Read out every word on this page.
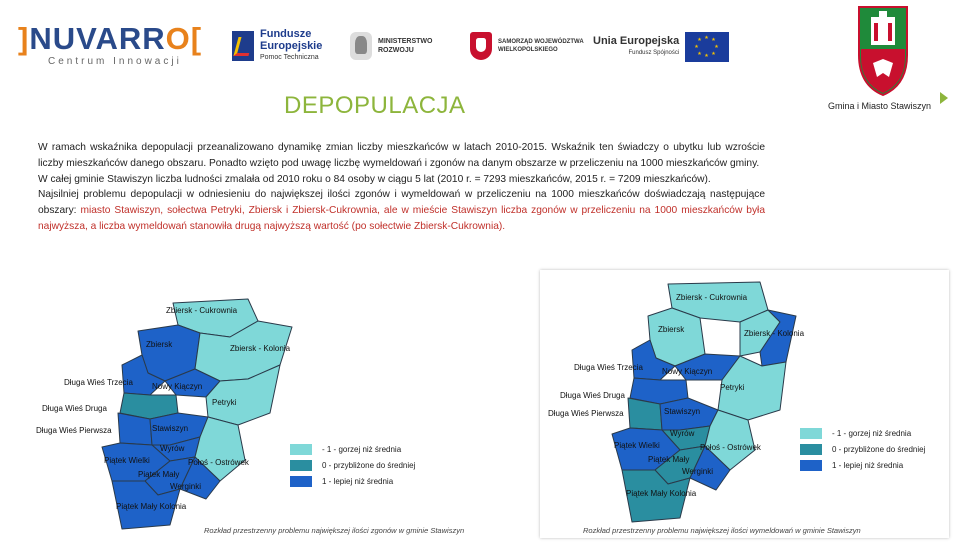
]NUVARRO[
Centrum Innowacji
Fundusze
Europejskie
Pomoc Techniczna
MINISTERSTWO
ROZWOJU
SAMORZĄD WOJEWÓDZTWA
WIELKOPOLSKIEGO
Unia Europejska
Fundusz Spójności
★ ★
★
★
★
★
★
★
Gmina i Miasto Stawiszyn
DEPOPULACJA
W ramach wskaźnika depopulacji przeanalizowano dynamikę zmian liczby mieszkańców w latach 2010-2015. Wskaźnik ten świadczy o ubytku lub wzroście liczby mieszkańców danego obszaru. Ponadto wzięto pod uwagę liczbę wymeldowań i zgonów na danym obszarze w przeliczeniu na 1000 mieszkańców gminy.
W całej gminie Stawiszyn liczba ludności zmalała od 2010 roku o 84 osoby w ciągu 5 lat (2010 r. = 7293 mieszkańców, 2015 r. = 7209 mieszkańców).
Najsilniej problemu depopulacji w odniesieniu do największej ilości zgonów i wymeldowań w przeliczeniu na 1000 mieszkańców doświadczają następujące obszary: miasto Stawiszyn, sołectwa Petryki, Zbiersk i Zbiersk-Cukrownia, ale w mieście Stawiszyn liczba zgonów w przeliczeniu na 1000 mieszkańców była najwyższa, a liczba wymeldowań stanowiła drugą najwyższą wartość (po sołectwie Zbiersk-Cukrownia).
Zbiersk - Cukrownia
Zbiersk	Zbiersk - Kolonia
Długa Wieś Trzecia Nowy Kiączyn
Petryki
Długa Wieś Druga
Długa Wieś Pierwsza	Stawiszyn
Wyrów
Połoś - Ostrówek
Piątek Wielki
Piątek Mały
Werginki
Piątek Mały Kolonia
- 1 - gorzej niż średnia
0 - przybliżone do średniej
1 - lepiej niż średnia
Rozkład przestrzenny problemu największej ilości zgonów w gminie Stawiszyn
Zbiersk - Cukrownia
Zbiersk	Zbiersk - Kolonia
Długa Wieś Trzecia Nowy Kiączyn
Petryki
Długa Wieś Druga
Długa Wieś Pierwsza	Stawiszyn
Wyrów
Połoś - Ostrówek
Piątek Wielki
Piątek Mały
Werginki
Piątek Mały Kolonia
- 1 - gorzej niż średnia
0 - przybliżone do średniej
1 - lepiej niż średnia
Rozkład przestrzenny problemu największej ilości wymeldowań w gminie Stawiszyn
